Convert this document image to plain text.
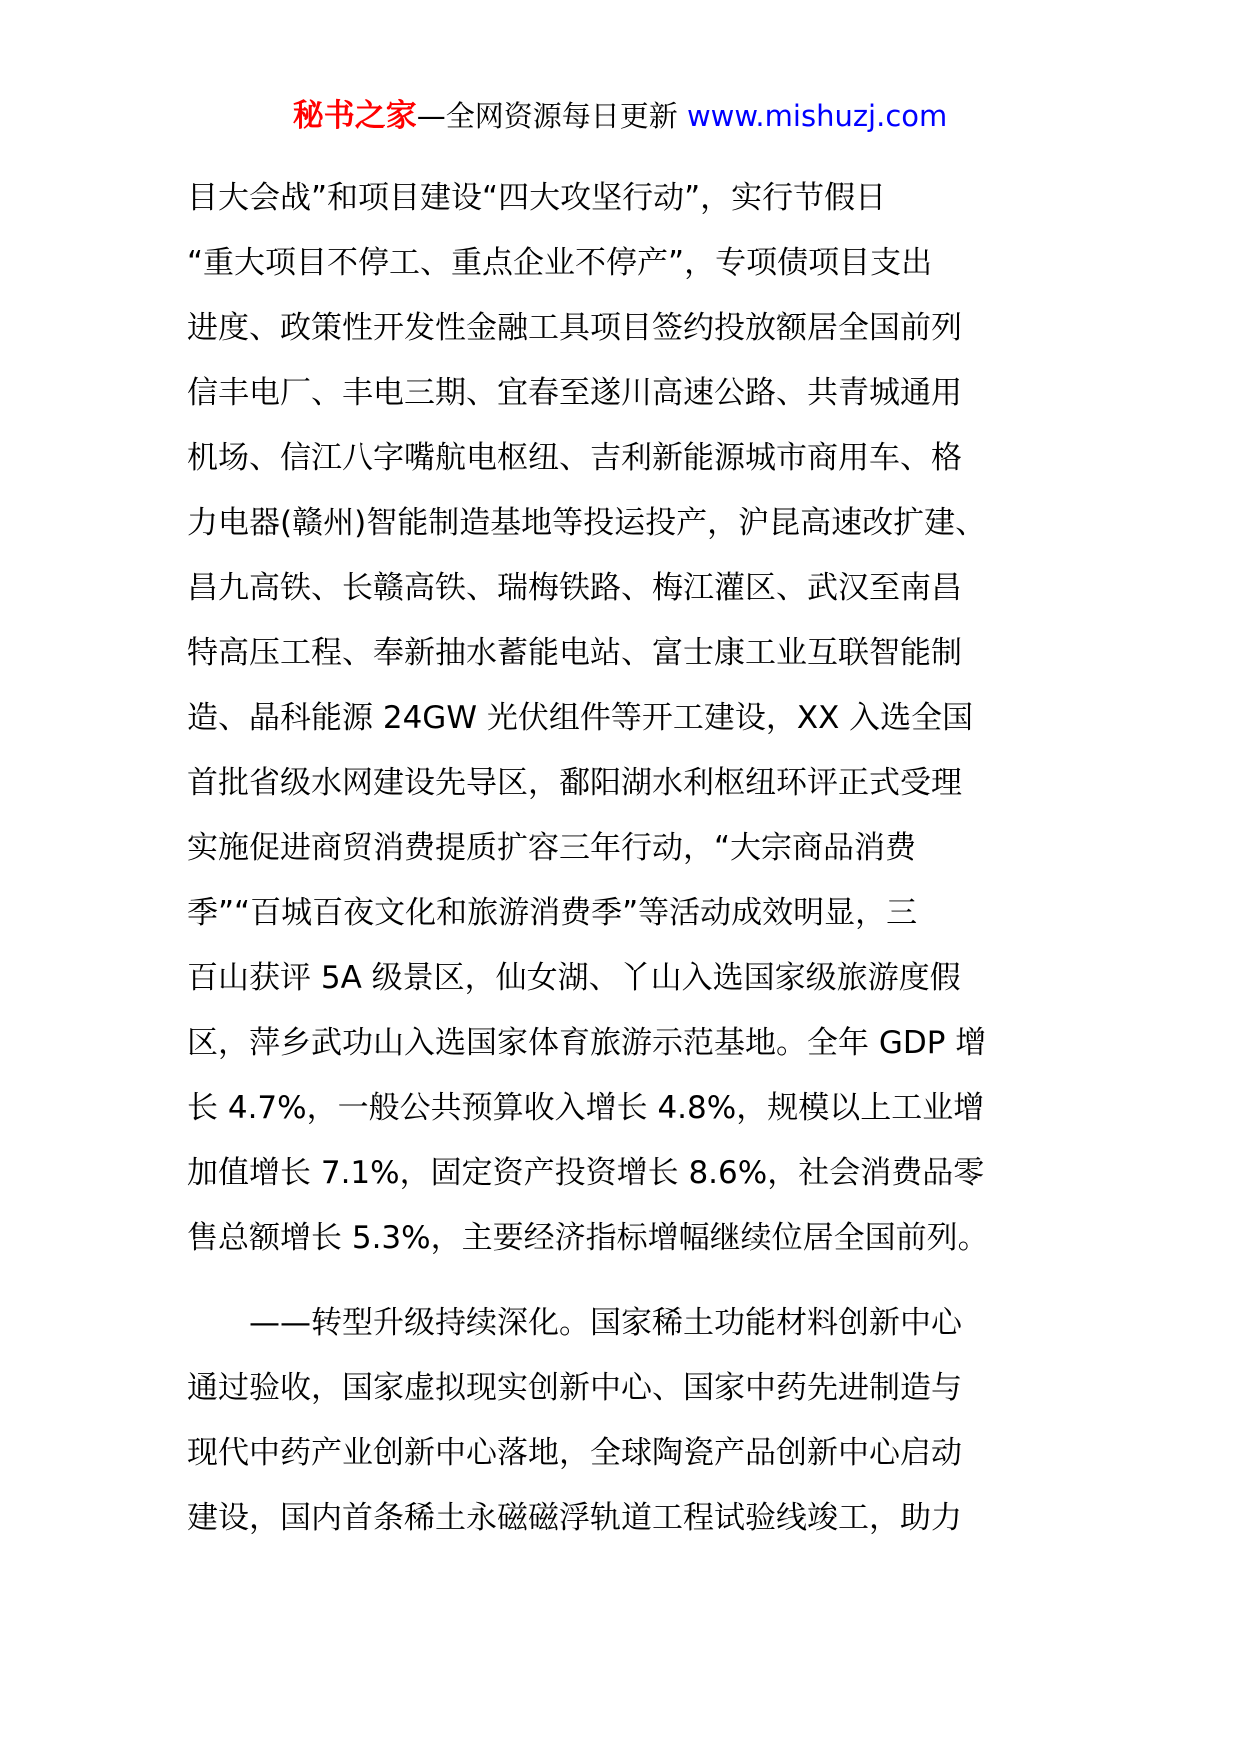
秘书之家—全网资源每日更新 www.mishuzj.com
目大会战”和项目建设“四大攻坚行动”，实行节假日
“重大项目不停工、重点企业不停产”，专项债项目支出
进度、政策性开发性金融工具项目签约投放额居全国前列
信丰电厂、丰电三期、宜春至遂川高速公路、共青城通用
机场、信江八字嘴航电枢纽、吉利新能源城市商用车、格
力电器(赣州)智能制造基地等投运投产，沪昆高速改扩建、
昌九高铁、长赣高铁、瑞梅铁路、梅江灌区、武汉至南昌
特高压工程、奉新抽水蓄能电站、富士康工业互联智能制
造、晶科能源 24GW 光伏组件等开工建设，XX 入选全国
首批省级水网建设先导区，鄱阳湖水利枢纽环评正式受理
实施促进商贸消费提质扩容三年行动，“大宗商品消费
季”“百城百夜文化和旅游消费季”等活动成效明显，三
百山获评 5A 级景区，仙女湖、丫山入选国家级旅游度假
区，萍乡武功山入选国家体育旅游示范基地。全年 GDP 增
长 4.7%，一般公共预算收入增长 4.8%，规模以上工业增
加值增长 7.1%，固定资产投资增长 8.6%，社会消费品零
售总额增长 5.3%，主要经济指标增幅继续位居全国前列。
　　——转型升级持续深化。国家稀土功能材料创新中心
通过验收，国家虚拟现实创新中心、国家中药先进制造与
现代中药产业创新中心落地，全球陶瓷产品创新中心启动
建设，国内首条稀土永磁磁浮轨道工程试验线竣工，助力
